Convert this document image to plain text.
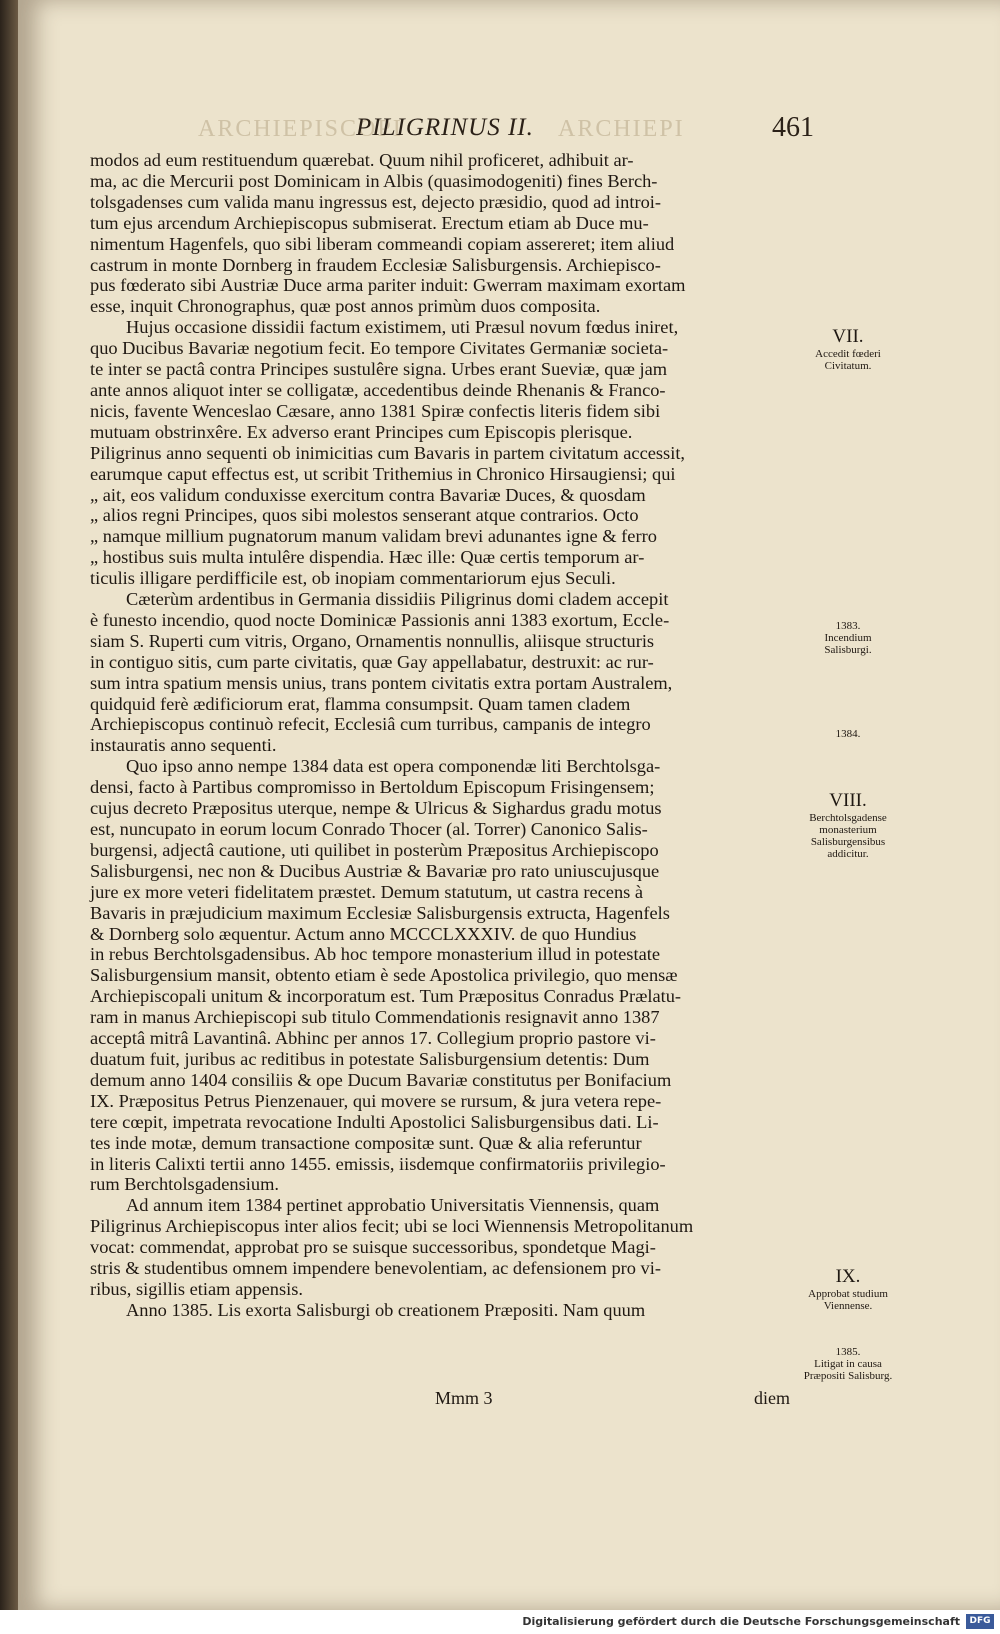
ARCHIEPISCOPI
PILIGRINUS II. ARCHIEPI	461
modos ad eum restituendum quærebat. Quum nihil proficeret, adhibuit ar-
ma, ac die Mercurii post Dominicam in Albis (quasimodogeniti) fines Berch-
tolsgadenses cum valida manu ingressus est, dejecto præsidio, quod ad introi-
tum ejus arcendum Archiepiscopus submiserat. Erectum etiam ab Duce mu-
nimentum Hagenfels, quo sibi liberam commeandi copiam assereret; item aliud
castrum in monte Dornberg in fraudem Ecclesiæ Salisburgensis. Archiepisco-
pus fœderato sibi Austriæ Duce arma pariter induit: Gwerram maximam exortam
esse, inquit Chronographus, quæ post annos primùm duos composita.
Hujus occasione dissidii factum existimem, uti Præsul novum fœdus iniret,
quo Ducibus Bavariæ negotium fecit. Eo tempore Civitates Germaniæ societa-
te inter se pactâ contra Principes sustulêre signa. Urbes erant Sueviæ, quæ jam
ante annos aliquot inter se colligatæ, accedentibus deinde Rhenanis & Franco-
nicis, favente Wenceslao Cæsare, anno 1381 Spiræ confectis literis fidem sibi
mutuam obstrinxêre. Ex adverso erant Principes cum Episcopis plerisque.
Piligrinus anno sequenti ob inimicitias cum Bavaris in partem civitatum accessit,
earumque caput effectus est, ut scribit Trithemius in Chronico Hirsaugiensi; qui
„ ait, eos validum conduxisse exercitum contra Bavariæ Duces, & quosdam
„ alios regni Principes, quos sibi molestos senserant atque contrarios. Octo
„ namque millium pugnatorum manum validam brevi adunantes igne & ferro
„ hostibus suis multa intulêre dispendia. Hæc ille: Quæ certis temporum ar-
ticulis illigare perdifficile est, ob inopiam commentariorum ejus Seculi.
Cæterùm ardentibus in Germania dissidiis Piligrinus domi cladem accepit
è funesto incendio, quod nocte Dominicæ Passionis anni 1383 exortum, Eccle-
siam S. Ruperti cum vitris, Organo, Ornamentis nonnullis, aliisque structuris
in contiguo sitis, cum parte civitatis, quæ Gay appellabatur, destruxit: ac rur-
sum intra spatium mensis unius, trans pontem civitatis extra portam Australem,
quidquid ferè ædificiorum erat, flamma consumpsit. Quam tamen cladem
Archiepiscopus continuò refecit, Ecclesiâ cum turribus, campanis de integro
instauratis anno sequenti.
Quo ipso anno nempe 1384 data est opera componendæ liti Berchtolsga-
densi, facto à Partibus compromisso in Bertoldum Episcopum Frisingensem;
cujus decreto Præpositus uterque, nempe & Ulricus & Sighardus gradu motus
est, nuncupato in eorum locum Conrado Thocer (al. Torrer) Canonico Salis-
burgensi, adjectâ cautione, uti quilibet in posterùm Præpositus Archiepiscopo
Salisburgensi, nec non & Ducibus Austriæ & Bavariæ pro rato uniuscujusque
jure ex more veteri fidelitatem præstet. Demum statutum, ut castra recens à
Bavaris in præjudicium maximum Ecclesiæ Salisburgensis extructa, Hagenfels
& Dornberg solo æquentur. Actum anno MCCCLXXXIV. de quo Hundius
in rebus Berchtolsgadensibus. Ab hoc tempore monasterium illud in potestate
Salisburgensium mansit, obtento etiam è sede Apostolica privilegio, quo mensæ
Archiepiscopali unitum & incorporatum est. Tum Præpositus Conradus Prælatu-
ram in manus Archiepiscopi sub titulo Commendationis resignavit anno 1387
acceptâ mitrâ Lavantinâ. Abhinc per annos 17. Collegium proprio pastore vi-
duatum fuit, juribus ac reditibus in potestate Salisburgensium detentis: Dum
demum anno 1404 consiliis & ope Ducum Bavariæ constitutus per Bonifacium
IX. Præpositus Petrus Pienzenauer, qui movere se rursum, & jura vetera repe-
tere cœpit, impetrata revocatione Indulti Apostolici Salisburgensibus dati. Li-
tes inde motæ, demum transactione compositæ sunt. Quæ & alia referuntur
in literis Calixti tertii anno 1455. emissis, iisdemque confirmatoriis privilegio-
rum Berchtolsgadensium.
Ad annum item 1384 pertinet approbatio Universitatis Viennensis, quam
Piligrinus Archiepiscopus inter alios fecit; ubi se loci Wiennensis Metropolitanum
vocat: commendat, approbat pro se suisque successoribus, spondetque Magi-
stris & studentibus omnem impendere benevolentiam, ac defensionem pro vi-
ribus, sigillis etiam appensis.
Anno 1385. Lis exorta Salisburgi ob creationem Præpositi. Nam quum
VII.
Accedit fœderi Civitatum.
1383.
Incendium Salisburgi.
1384.
VIII.
Berchtolsgadense monasterium Salisburgensibus addicitur.
IX.
Approbat studium Viennense.
1385.
Litigat in causa Præpositi Salisburg.
Mmm 3	diem
Digitalisierung gefördert durch die Deutsche Forschungsgemeinschaft	DFG
